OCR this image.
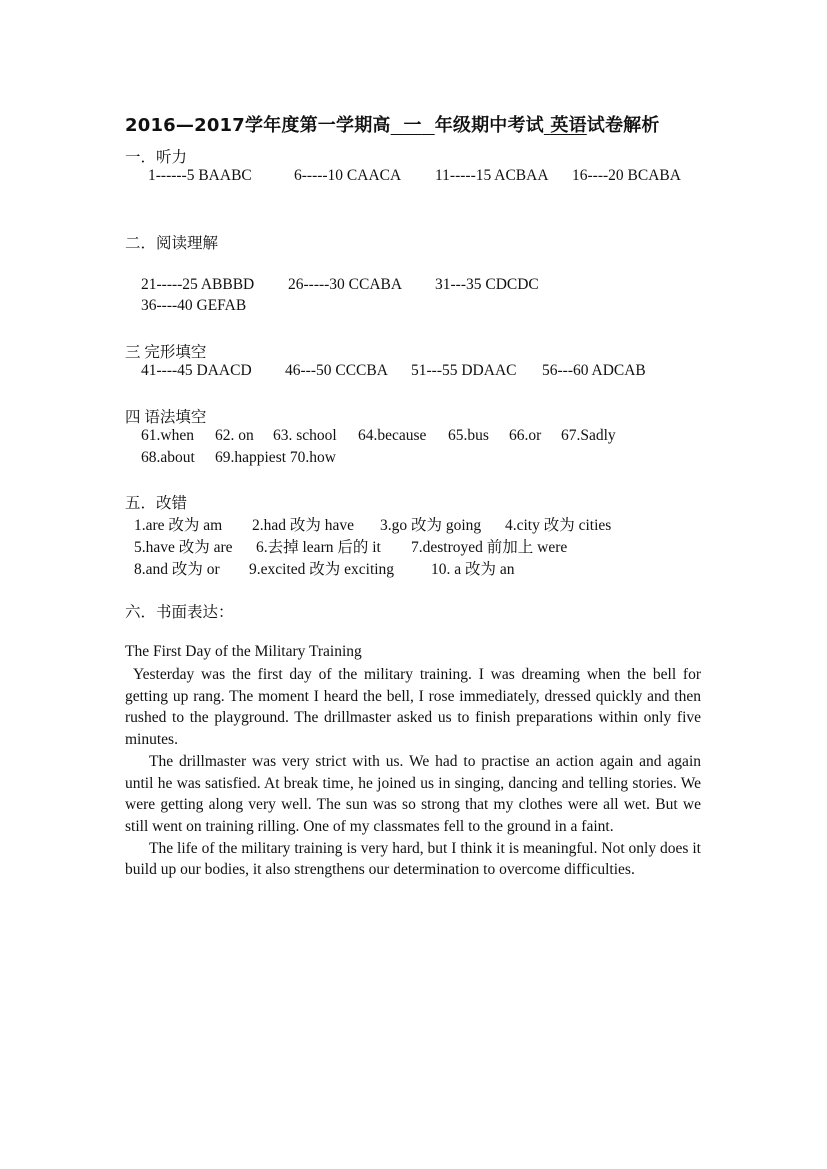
2016—2017学年度第一学期高 一 年级期中考试 英语试卷解析
一．听力
1------5 BAABC	6-----10 CAACA 11-----15 ACBAA 16----20 BCABA
二．阅读理解
21-----25 ABBBD 26-----30 CCABA 31---35 CDCDC
36----40 GEFAB
三 完形填空
41----45 DAACD 46---50 CCCBA 51---55 DDAAC 56---60 ADCAB
四 语法填空
61.when 62. on 63. school 64.because 65.bus 66.or 67.Sadly
68.about 69.happiest 70.how
五．改错
1.are 改为 am 2.had 改为 have 3.go 改为 going 4.city 改为 cities
5.have 改为 are 6.去掉 learn 后的 it 7.destroyed 前加上 were
8.and 改为 or 9.excited 改为 exciting 10. a 改为 an
六．书面表达：
The First Day of the Military Training

Yesterday was the first day of the military training. I was dreaming when the bell for getting up rang. The moment I heard the bell, I rose immediately, dressed quickly and then rushed to the playground. The drillmaster asked us to finish preparations within only five minutes.

The drillmaster was very strict with us. We had to practise an action again and again until he was satisfied. At break time, he joined us in singing, dancing and telling stories. We were getting along very well. The sun was so strong that my clothes were all wet. But we still went on training rilling. One of my classmates fell to the ground in a faint.

The life of the military training is very hard, but I think it is meaningful. Not only does it build up our bodies, it also strengthens our determination to overcome difficulties.
